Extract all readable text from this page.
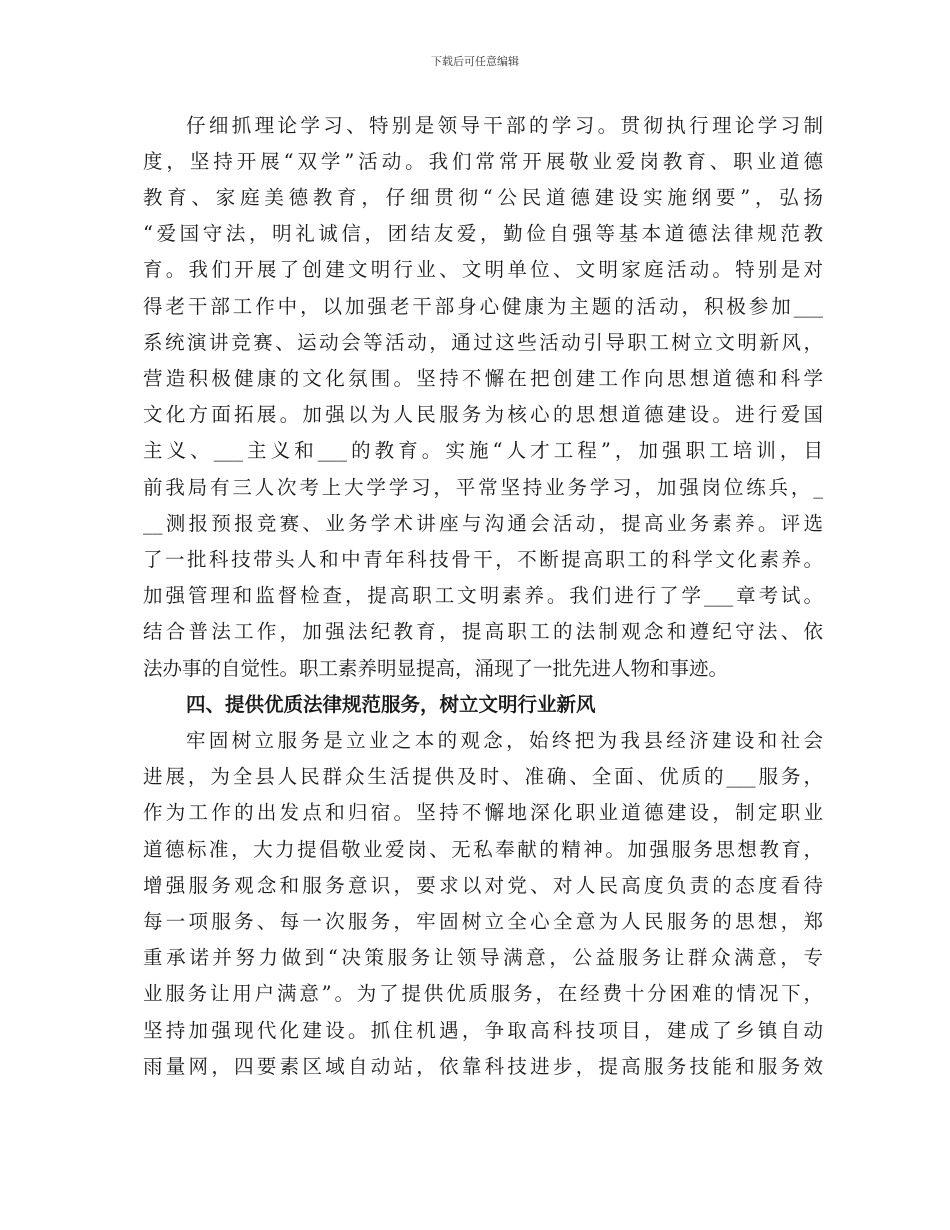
下载后可任意编辑
仔细抓理论学习、特别是领导干部的学习。贯彻执行理论学习制
度，坚持开展“双学”活动。我们常常开展敬业爱岗教育、职业道德
教育、家庭美德教育，仔细贯彻“公民道德建设实施纲要”，弘扬
“爱国守法，明礼诚信，团结友爱，勤俭自强等基本道德法律规范教
育。我们开展了创建文明行业、文明单位、文明家庭活动。特别是对
得老干部工作中，以加强老干部身心健康为主题的活动，积极参加___
系统演讲竞赛、运动会等活动，通过这些活动引导职工树立文明新风，
营造积极健康的文化氛围。坚持不懈在把创建工作向思想道德和科学
文化方面拓展。加强以为人民服务为核心的思想道德建设。进行爱国
主义、___主义和___的教育。实施“人才工程”，加强职工培训，目
前我局有三人次考上大学学习，平常坚持业务学习，加强岗位练兵，_
__测报预报竞赛、业务学术讲座与沟通会活动，提高业务素养。评选
了一批科技带头人和中青年科技骨干，不断提高职工的科学文化素养。
加强管理和监督检查，提高职工文明素养。我们进行了学___章考试。
结合普法工作，加强法纪教育，提高职工的法制观念和遵纪守法、依
法办事的自觉性。职工素养明显提高，涌现了一批先进人物和事迹。
四、提供优质法律规范服务，树立文明行业新风
牢固树立服务是立业之本的观念，始终把为我县经济建设和社会
进展，为全县人民群众生活提供及时、准确、全面、优质的___服务，
作为工作的出发点和归宿。坚持不懈地深化职业道德建设，制定职业
道德标准，大力提倡敬业爱岗、无私奉献的精神。加强服务思想教育，
增强服务观念和服务意识，要求以对党、对人民高度负责的态度看待
每一项服务、每一次服务，牢固树立全心全意为人民服务的思想，郑
重承诺并努力做到“决策服务让领导满意，公益服务让群众满意，专
业服务让用户满意”。为了提供优质服务，在经费十分困难的情况下，
坚持加强现代化建设。抓住机遇，争取高科技项目，建成了乡镇自动
雨量网，四要素区域自动站，依靠科技进步，提高服务技能和服务效
